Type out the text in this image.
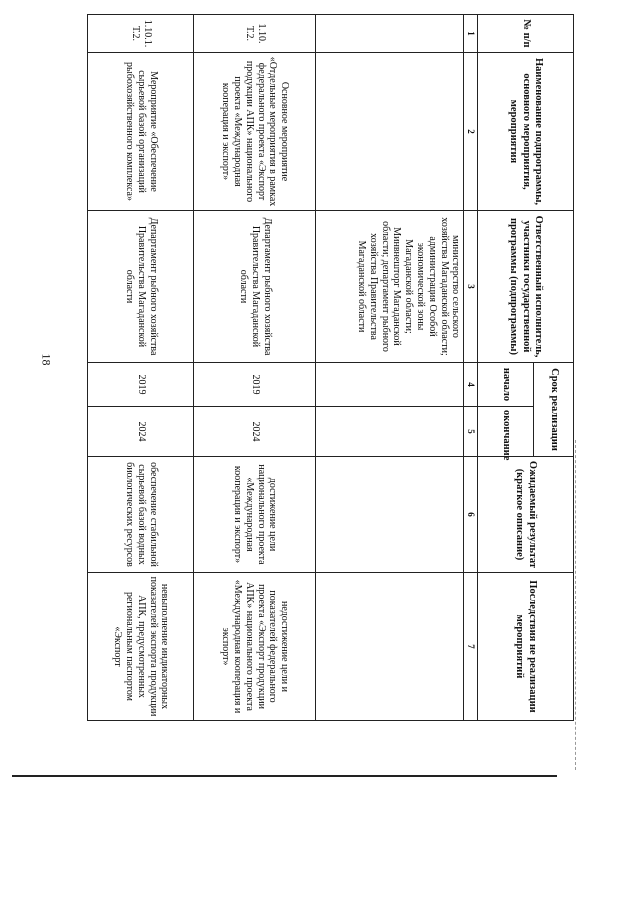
18
№ п/п	Наименование подпрограммы, основного мероприятия, мероприятия	Ответственный исполнитель, участники государственной программы (подпрограммы)	Срок реализации		Ожидаемый результат (краткое описание)	Последствия не реализации мероприятий
			начало	окончание		
1	2	3	4	5	6	7
		министерство сельского хозяйства Магаданской области; администрация Особой экономической зоны Магаданской области; Минвнешторг Магаданской области; департамент рыбного хозяйства Правительства Магаданской области				
1.10. Т.2.	Основное мероприятие «Отдельные мероприятия в рамках федерального проекта «Экспорт продукции АПК» национального проекта «Международная кооперация и экспорт»	Департамент рыбного хозяйства Правительства Магаданской области	2019	2024	достижение цели национального проекта «Международная кооперация и экспорт»	недостижение цели и показателей федерального проекта «Экспорт продукции АПК» национального проекта «Международная кооперация и экспорт»
1.10.1. Т.2.	Мероприятие «Обеспечение сырьевой базой организаций рыбохозяйственного комплекса»	Департамент рыбного хозяйства Правительства Магаданской области	2019	2024	обеспечение стабильной сырьевой базой водных биологических ресурсов	невыполнение индикаторных показателей экспорта продукции АПК, предусмотренных региональным паспортом «Экспорт
